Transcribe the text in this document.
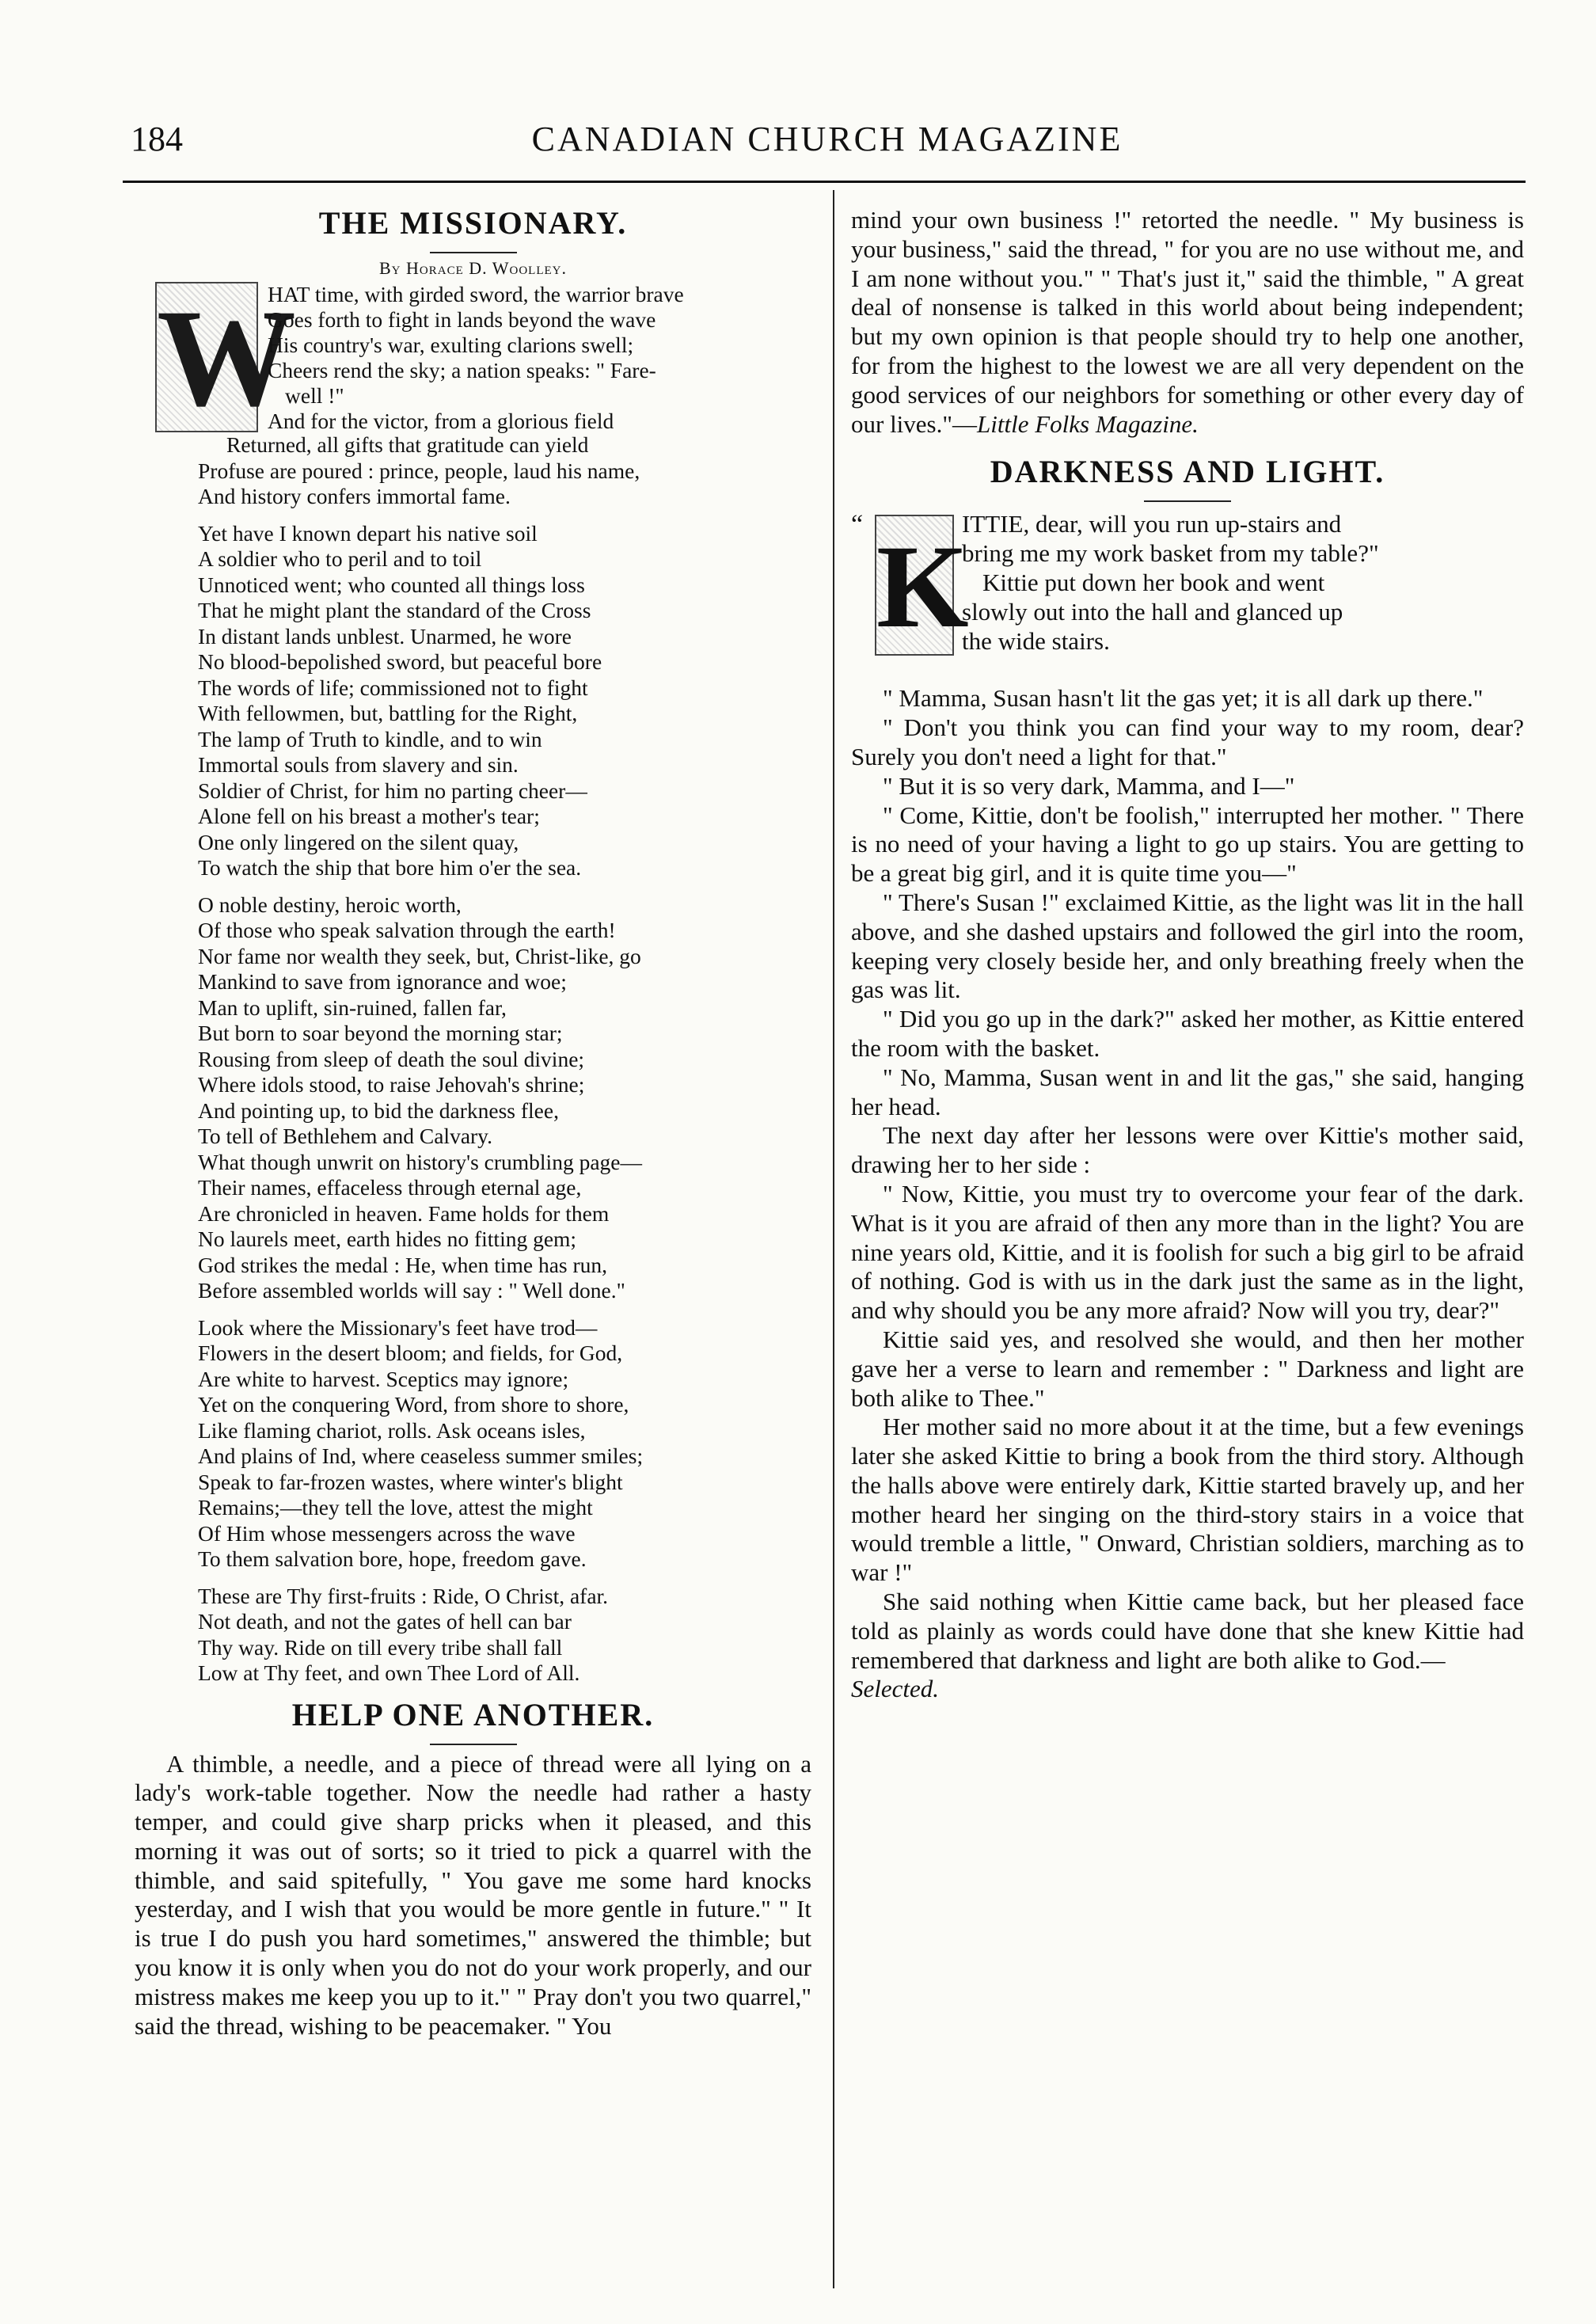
184	CANADIAN CHURCH MAGAZINE
THE MISSIONARY.
By Horace D. Woolley.
W
HAT time, with girded sword, the warrior brave
Goes forth to fight in lands beyond the wave
His country's war, exulting clarions swell;
Cheers rend the sky; a nation speaks: " Fare-
well !"
And for the victor, from a glorious field
Returned, all gifts that gratitude can yield
Profuse are poured : prince, people, laud his name,
And history confers immortal fame.
Yet have I known depart his native soil
A soldier who to peril and to toil
Unnoticed went; who counted all things loss
That he might plant the standard of the Cross
In distant lands unblest. Unarmed, he wore
No blood-bepolished sword, but peaceful bore
The words of life; commissioned not to fight
With fellowmen, but, battling for the Right,
The lamp of Truth to kindle, and to win
Immortal souls from slavery and sin.
Soldier of Christ, for him no parting cheer—
Alone fell on his breast a mother's tear;
One only lingered on the silent quay,
To watch the ship that bore him o'er the sea.
O noble destiny, heroic worth,
Of those who speak salvation through the earth!
Nor fame nor wealth they seek, but, Christ-like, go
Mankind to save from ignorance and woe;
Man to uplift, sin-ruined, fallen far,
But born to soar beyond the morning star;
Rousing from sleep of death the soul divine;
Where idols stood, to raise Jehovah's shrine;
And pointing up, to bid the darkness flee,
To tell of Bethlehem and Calvary.
What though unwrit on history's crumbling page—
Their names, effaceless through eternal age,
Are chronicled in heaven. Fame holds for them
No laurels meet, earth hides no fitting gem;
God strikes the medal : He, when time has run,
Before assembled worlds will say : " Well done."
Look where the Missionary's feet have trod—
Flowers in the desert bloom; and fields, for God,
Are white to harvest. Sceptics may ignore;
Yet on the conquering Word, from shore to shore,
Like flaming chariot, rolls. Ask oceans isles,
And plains of Ind, where ceaseless summer smiles;
Speak to far-frozen wastes, where winter's blight
Remains;—they tell the love, attest the might
Of Him whose messengers across the wave
To them salvation bore, hope, freedom gave.
These are Thy first-fruits : Ride, O Christ, afar.
Not death, and not the gates of hell can bar
Thy way. Ride on till every tribe shall fall
Low at Thy feet, and own Thee Lord of All.
HELP ONE ANOTHER.

A thimble, a needle, and a piece of thread were all lying on a lady's work-table together. Now the needle had rather a hasty temper, and could give sharp pricks when it pleased, and this morning it was out of sorts; so it tried to pick a quarrel with the thimble, and said spitefully, " You gave me some hard knocks yesterday, and I wish that you would be more gentle in future." " It is true I do push you hard sometimes," answered the thimble; but you know it is only when you do not do your work properly, and our mistress makes me keep you up to it." " Pray don't you two quarrel," said the thread, wishing to be peacemaker. " You

mind your own business !" retorted the needle. " My business is your business," said the thread, " for you are no use without me, and I am none without you." " That's just it," said the thimble, " A great deal of nonsense is talked in this world about being independent; but my own opinion is that people should try to help one another, for from the highest to the lowest we are all very dependent on the good services of our neighbors for something or other every day of our lives."—Little Folks Magazine.

DARKNESS AND LIGHT.
“ K
ITTIE, dear, will you run up-stairs and
bring me my work basket from my table?"
Kittie put down her book and went
slowly out into the hall and glanced up
the wide stairs.

" Mamma, Susan hasn't lit the gas yet; it is all dark up there."

" Don't you think you can find your way to my room, dear? Surely you don't need a light for that."

" But it is so very dark, Mamma, and I—"

" Come, Kittie, don't be foolish," interrupted her mother. " There is no need of your having a light to go up stairs. You are getting to be a great big girl, and it is quite time you—"

" There's Susan !" exclaimed Kittie, as the light was lit in the hall above, and she dashed upstairs and followed the girl into the room, keeping very closely beside her, and only breathing freely when the gas was lit.

" Did you go up in the dark?" asked her mother, as Kittie entered the room with the basket.

" No, Mamma, Susan went in and lit the gas," she said, hanging her head.

The next day after her lessons were over Kittie's mother said, drawing her to her side :

" Now, Kittie, you must try to overcome your fear of the dark. What is it you are afraid of then any more than in the light? You are nine years old, Kittie, and it is foolish for such a big girl to be afraid of nothing. God is with us in the dark just the same as in the light, and why should you be any more afraid? Now will you try, dear?"

Kittie said yes, and resolved she would, and then her mother gave her a verse to learn and remember : " Darkness and light are both alike to Thee."

Her mother said no more about it at the time, but a few evenings later she asked Kittie to bring a book from the third story. Although the halls above were entirely dark, Kittie started bravely up, and her mother heard her singing on the third-story stairs in a voice that would tremble a little, " Onward, Christian soldiers, marching as to war !"

She said nothing when Kittie came back, but her pleased face told as plainly as words could have done that she knew Kittie had remembered that darkness and light are both alike to God.—

Selected.
